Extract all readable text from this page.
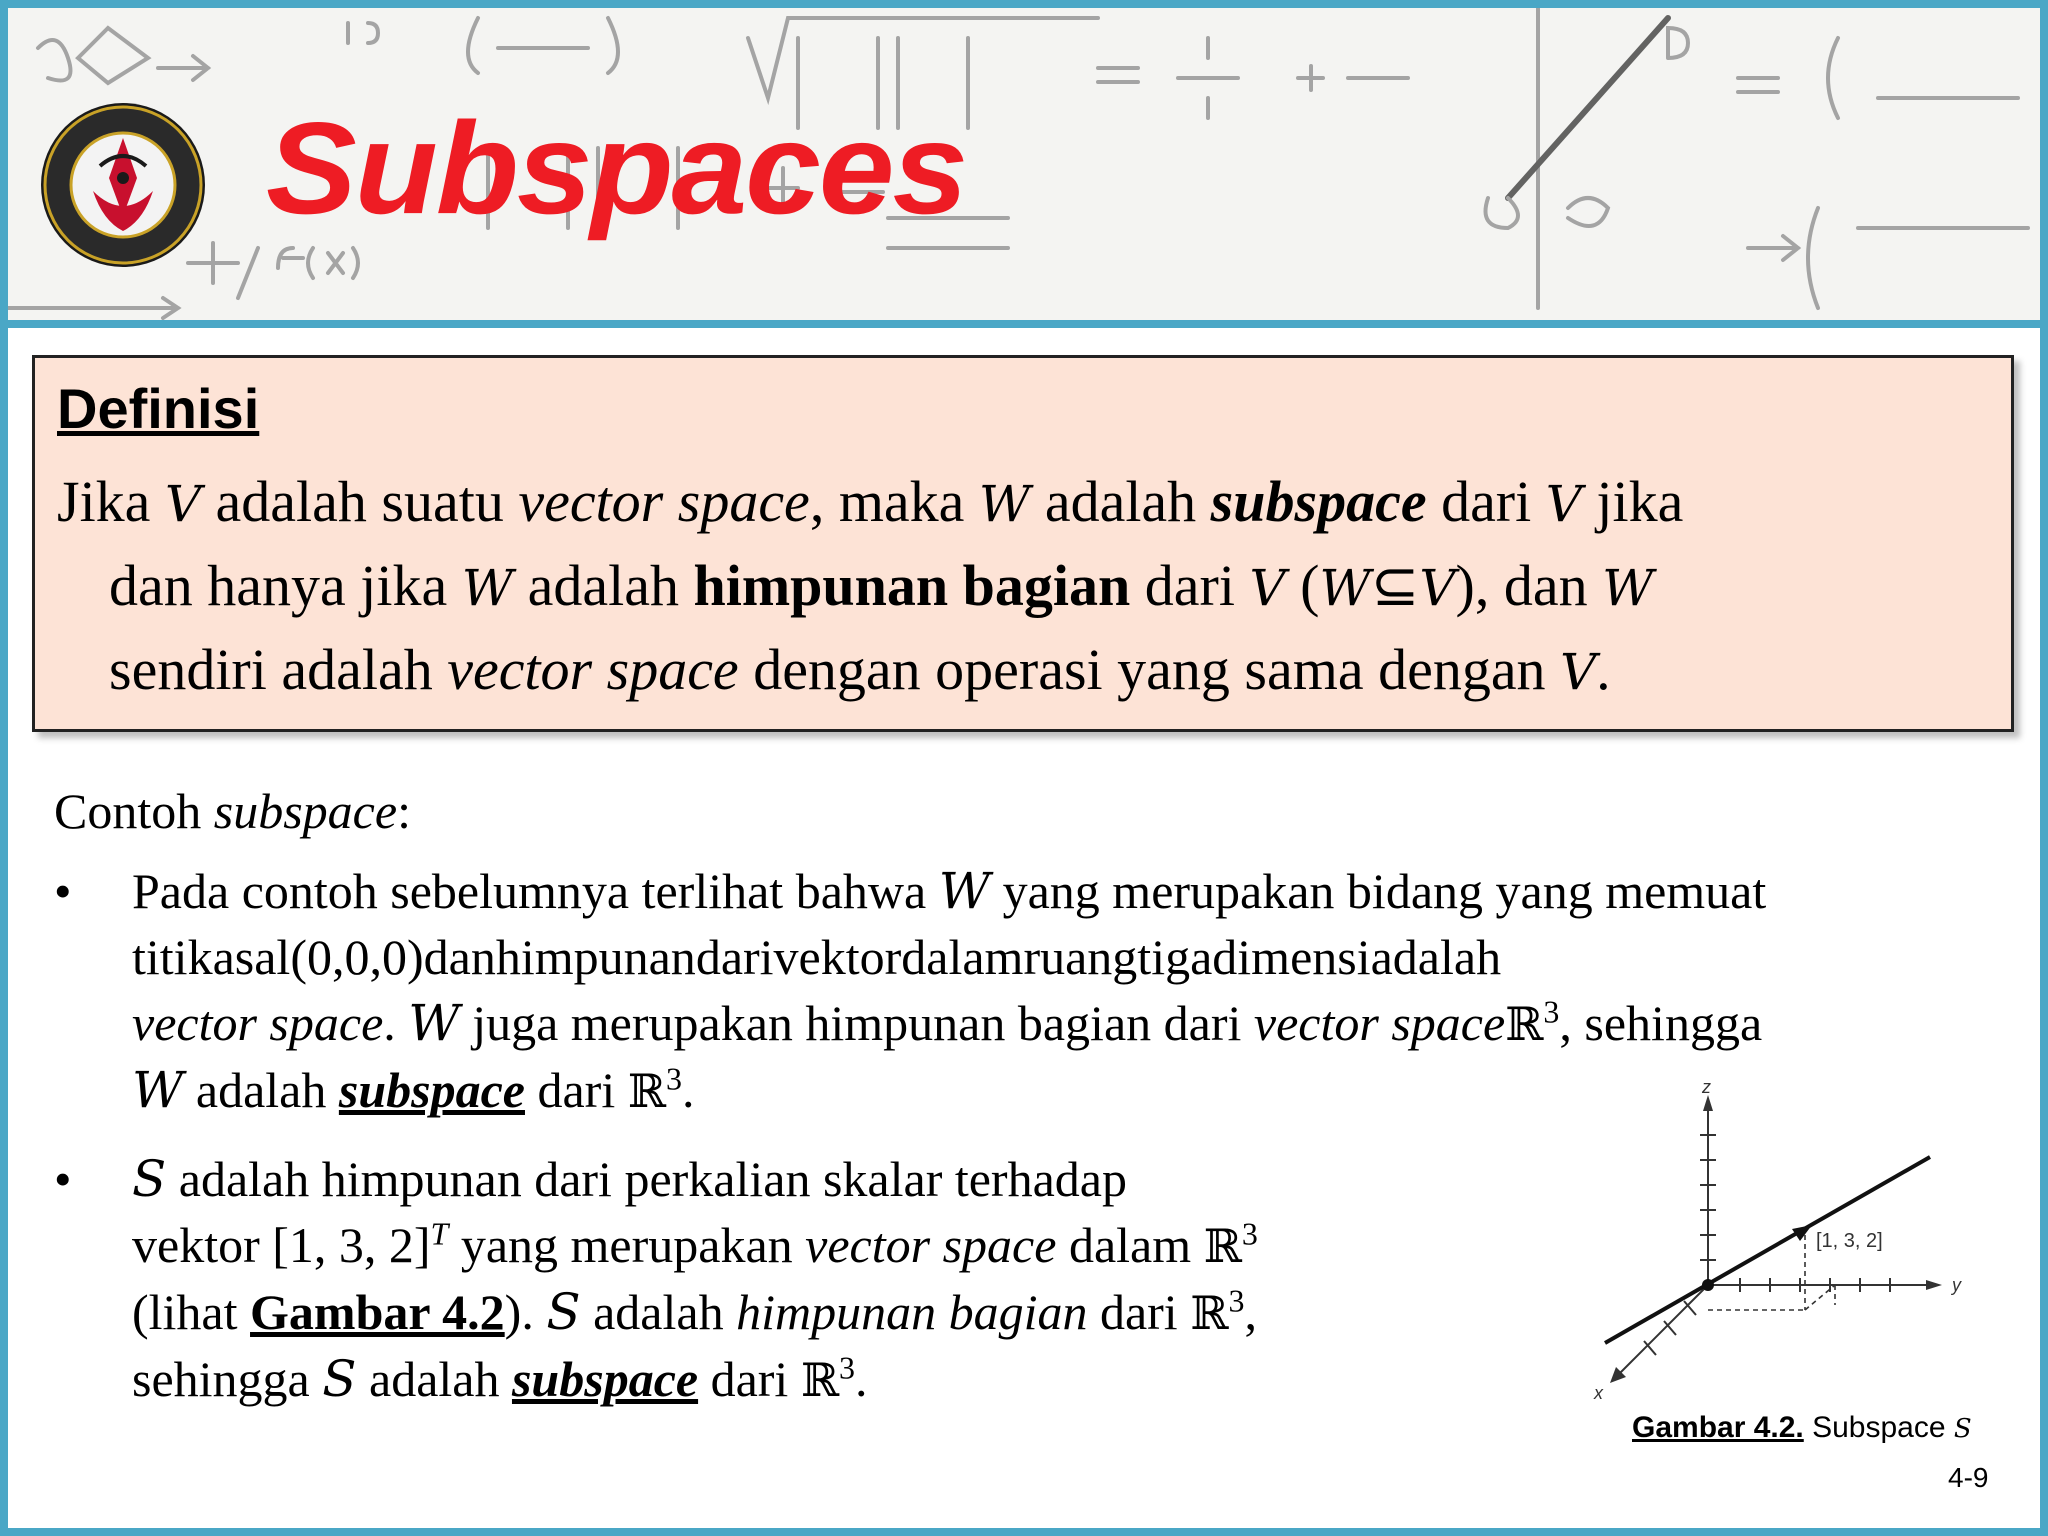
Subspaces
Definisi
Jika V adalah suatu vector space, maka W adalah subspace dari V jika
dan hanya jika W adalah himpunan bagian dari V (W⊆V), dan W
sendiri adalah vector space dengan operasi yang sama dengan V.
Contoh subspace:
• Pada contoh sebelumnya terlihat bahwa W yang merupakan bidang yang memuat
titikasal(0,0,0)danhimpunandarivektordalamruangtigadimensiadalah
vector space. W juga merupakan himpunan bagian dari vector spaceℝ$^3$, sehingga
W adalah subspace dari ℝ$^3$.
• S adalah himpunan dari perkalian skalar terhadap
vektor [1, 3, 2]$^T$ yang merupakan vector space dalam ℝ$^3$
(lihat Gambar 4.2). S adalah himpunan bagian dari ℝ$^3$,
sehingga S adalah subspace dari ℝ$^3$.
z
y
x
[1, 3, 2]
Gambar 4.2. Subspace S
4-9
